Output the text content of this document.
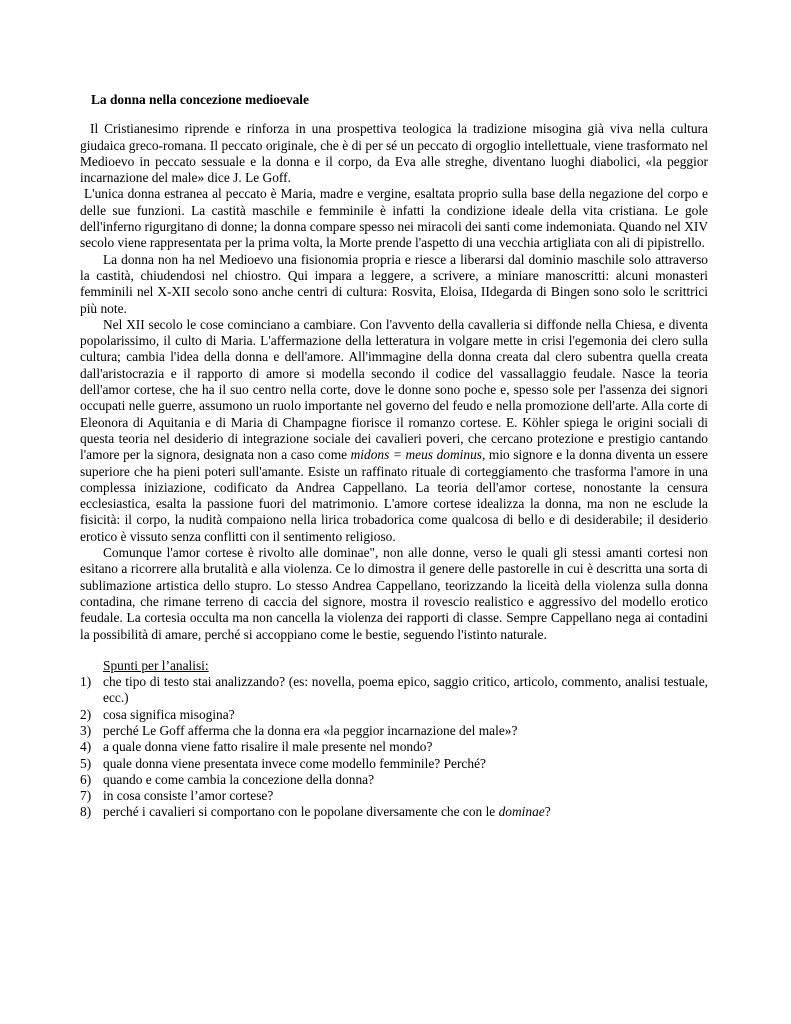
La donna nella concezione medioevale

Il Cristianesimo riprende e rinforza in una prospettiva teologica la tradizione misogina già viva nella cultura giudaica greco-romana. Il peccato originale, che è di per sé un peccato di orgoglio intellettuale, viene trasformato nel Medioevo in peccato sessuale e la donna e il corpo, da Eva alle streghe, diventano luoghi diabolici, «la peggior incarnazione del male» dice J. Le Goff.

L'unica donna estranea al peccato è Maria, madre e vergine, esaltata proprio sulla base della negazione del corpo e delle sue funzioni. La castità maschile e femminile è infatti la condizione ideale della vita cristiana. Le gole dell'inferno rigurgitano di donne; la donna compare spesso nei miracoli dei santi come indemoniata. Quando nel XIV secolo viene rappresentata per la prima volta, la Morte prende l'aspetto di una vecchia artigliata con ali di pipistrello.

La donna non ha nel Medioevo una fisionomia propria e riesce a liberarsi dal dominio maschile solo attraverso la castità, chiudendosi nel chiostro. Qui impara a leggere, a scrivere, a miniare manoscritti: alcuni monasteri femminili nel X-XII secolo sono anche centri di cultura: Rosvita, Eloisa, IIdegarda di Bingen sono solo le scrittrici più note.

Nel XII secolo le cose cominciano a cambiare. Con l'avvento della cavalleria si diffonde nella Chiesa, e diventa popolarissimo, il culto di Maria. L'affermazione della letteratura in volgare mette in crisi l'egemonia dei clero sulla cultura; cambia l'idea della donna e dell'amore. All'immagine della donna creata dal clero subentra quella creata dall'aristocrazia e il rapporto di amore si modella secondo il codice del vassallaggio feudale. Nasce la teoria dell'amor cortese, che ha il suo centro nella corte, dove le donne sono poche e, spesso sole per l'assenza dei signori occupati nelle guerre, assumono un ruolo importante nel governo del feudo e nella promozione dell'arte. Alla corte di Eleonora di Aquitania e di Maria di Champagne fiorisce il romanzo cortese. E. Köhler spiega le origini sociali di questa teoria nel desiderio di integrazione sociale dei cavalieri poveri, che cercano protezione e prestigio cantando l'amore per la signora, designata non a caso come midons = meus dominus, mio signore e la donna diventa un essere superiore che ha pieni poteri sull'amante. Esiste un raffinato rituale di corteggiamento che trasforma l'amore in una complessa iniziazione, codificato da Andrea Cappellano. La teoria dell'amor cortese, nonostante la censura ecclesiastica, esalta la passione fuori del matrimonio. L'amore cortese idealizza la donna, ma non ne esclude la fisicità: il corpo, la nudità compaiono nella lirica trobadorica come qualcosa di bello e di desiderabile; il desiderio erotico è vissuto senza conflitti con il sentimento religioso.

Comunque l'amor cortese è rivolto alle dominae", non alle donne, verso le quali gli stessi amanti cortesi non esitano a ricorrere alla brutalità e alla violenza. Ce lo dimostra il genere delle pastorelle in cui è descritta una sorta di sublimazione artistica dello stupro. Lo stesso Andrea Cappellano, teorizzando la liceità della violenza sulla donna contadina, che rimane terreno di caccia del signore, mostra il rovescio realistico e aggressivo del modello erotico feudale. La cortesia occulta ma non cancella la violenza dei rapporti di classe. Sempre Cappellano nega ai contadini la possibilità di amare, perché si accoppiano come le bestie, seguendo l'istinto naturale.

Spunti per l’analisi:
1) che tipo di testo stai analizzando? (es: novella, poema epico, saggio critico, articolo, commento, analisi testuale, ecc.)
2) cosa significa misogina?
3) perché Le Goff afferma che la donna era «la peggior incarnazione del male»?
4) a quale donna viene fatto risalire il male presente nel mondo?
5) quale donna viene presentata invece come modello femminile? Perché?
6) quando e come cambia la concezione della donna?
7) in cosa consiste l’amor cortese?
8) perché i cavalieri si comportano con le popolane diversamente che con le dominae?
